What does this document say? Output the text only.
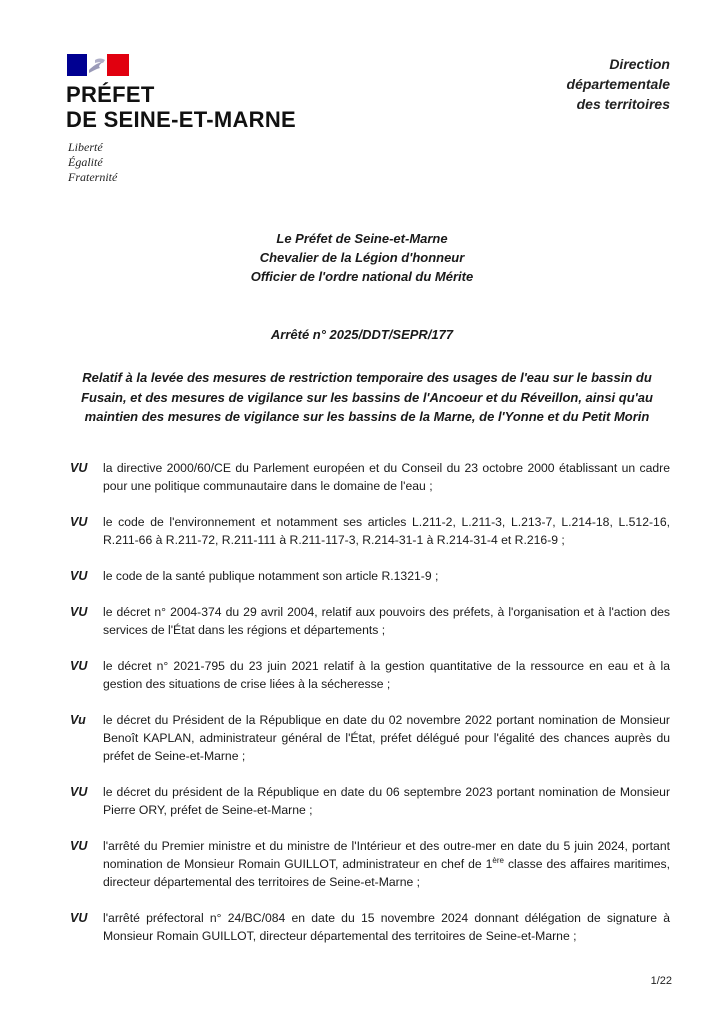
PRÉFET
DE SEINE-ET-MARNE
Liberté
Égalité
Fraternité
Direction
départementale
des territoires
Le Préfet de Seine-et-Marne
Chevalier de la Légion d'honneur
Officier de l'ordre national du Mérite
Arrêté n° 2025/DDT/SEPR/177
Relatif à la levée des mesures de restriction temporaire des usages de l'eau sur le bassin du Fusain, et des mesures de vigilance sur les bassins de l'Ancoeur et du Réveillon, ainsi qu'au maintien des mesures de vigilance sur les bassins de la Marne, de l'Yonne et du Petit Morin
VU la directive 2000/60/CE du Parlement européen et du Conseil du 23 octobre 2000 établissant un cadre pour une politique communautaire dans le domaine de l'eau ;
VU le code de l'environnement et notamment ses articles L.211-2, L.211-3, L.213-7, L.214-18, L.512-16, R.211-66 à R.211-72, R.211-111 à R.211-117-3, R.214-31-1 à R.214-31-4 et R.216-9 ;
VU le code de la santé publique notamment son article R.1321-9 ;
VU le décret n° 2004-374 du 29 avril 2004, relatif aux pouvoirs des préfets, à l'organisation et à l'action des services de l'État dans les régions et départements ;
VU le décret n° 2021-795 du 23 juin 2021 relatif à la gestion quantitative de la ressource en eau et à la gestion des situations de crise liées à la sécheresse ;
Vu le décret du Président de la République en date du 02 novembre 2022 portant nomination de Monsieur Benoît KAPLAN, administrateur général de l'État, préfet délégué pour l'égalité des chances auprès du préfet de Seine-et-Marne ;
VU le décret du président de la République en date du 06 septembre 2023 portant nomination de Monsieur Pierre ORY, préfet de Seine-et-Marne ;
VU l'arrêté du Premier ministre et du ministre de l'Intérieur et des outre-mer en date du 5 juin 2024, portant nomination de Monsieur Romain GUILLOT, administrateur en chef de 1ère classe des affaires maritimes, directeur départemental des territoires de Seine-et-Marne ;
VU l'arrêté préfectoral n° 24/BC/084 en date du 15 novembre 2024 donnant délégation de signature à Monsieur Romain GUILLOT, directeur départemental des territoires de Seine-et-Marne ;
1/22
